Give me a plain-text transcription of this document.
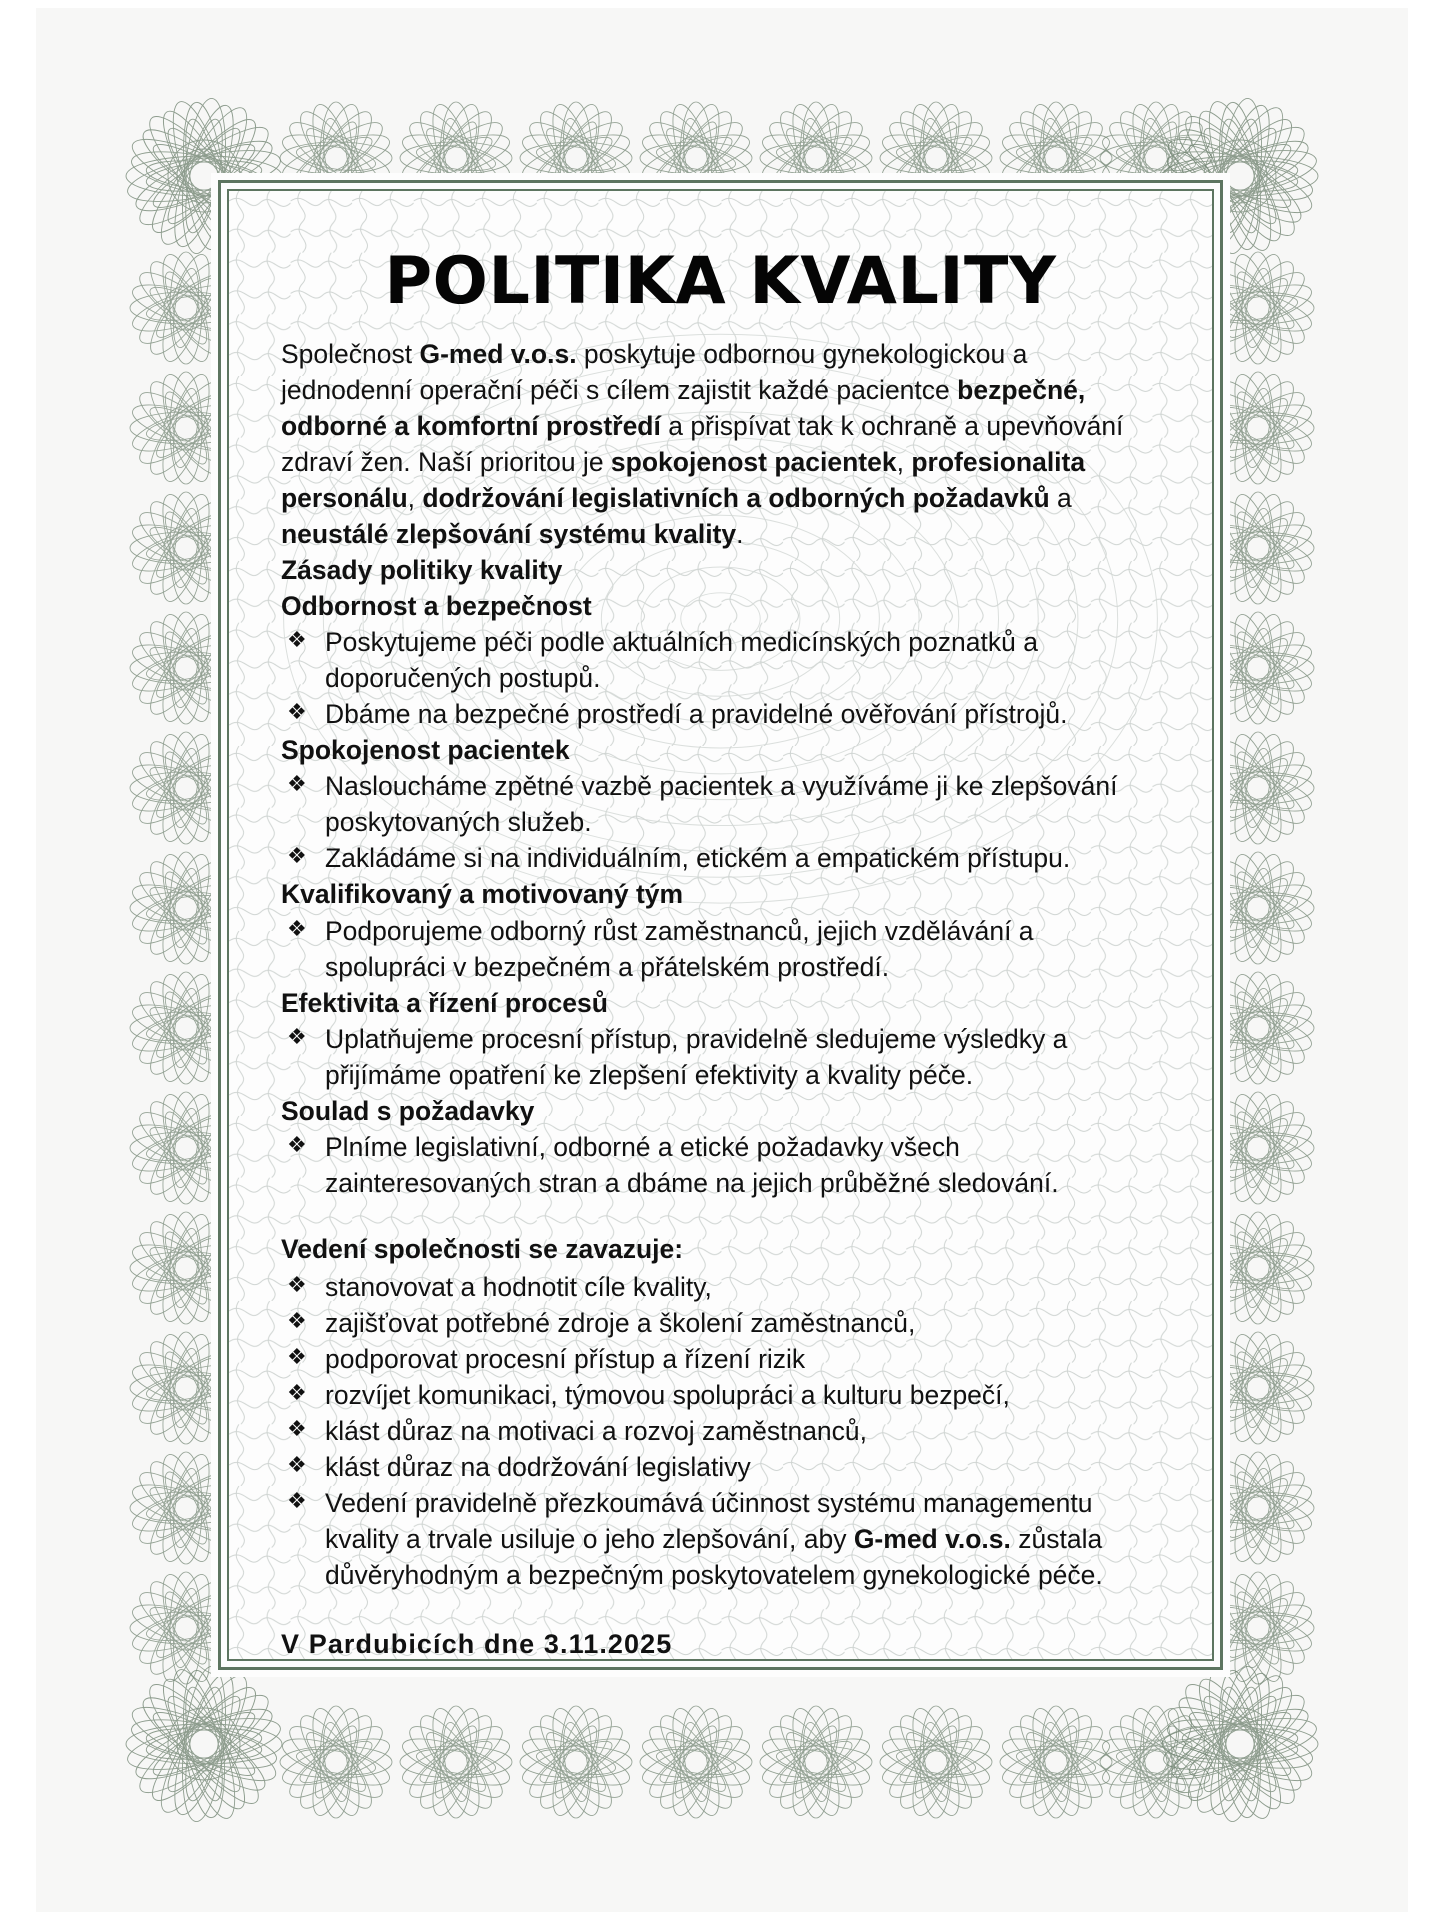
POLITIKA KVALITY

Společnost G-med v.o.s. poskytuje odbornou gynekologickou a jednodenní operační péči s cílem zajistit každé pacientce bezpečné, odborné a komfortní prostředí a přispívat tak k ochraně a upevňování zdraví žen. Naší prioritou je spokojenost pacientek, profesionalita personálu, dodržování legislativních a odborných požadavků a neustálé zlepšování systému kvality.

Zásady politiky kvality
Odbornost a bezpečnost
❖ Poskytujeme péči podle aktuálních medicínských poznatků a doporučených postupů.
❖ Dbáme na bezpečné prostředí a pravidelné ověřování přístrojů.
Spokojenost pacientek
❖ Nasloucháme zpětné vazbě pacientek a využíváme ji ke zlepšování poskytovaných služeb.
❖ Zakládáme si na individuálním, etickém a empatickém přístupu.
Kvalifikovaný a motivovaný tým
❖ Podporujeme odborný růst zaměstnanců, jejich vzdělávání a spolupráci v bezpečném a přátelském prostředí.
Efektivita a řízení procesů
❖ Uplatňujeme procesní přístup, pravidelně sledujeme výsledky a přijímáme opatření ke zlepšení efektivity a kvality péče.
Soulad s požadavky
❖ Plníme legislativní, odborné a etické požadavky všech zainteresovaných stran a dbáme na jejich průběžné sledování.
Vedení společnosti se zavazuje:
❖ stanovovat a hodnotit cíle kvality,
❖ zajišťovat potřebné zdroje a školení zaměstnanců,
❖ podporovat procesní přístup a řízení rizik
❖ rozvíjet komunikaci, týmovou spolupráci a kulturu bezpečí,
❖ klást důraz na motivaci a rozvoj zaměstnanců,
❖ klást důraz na dodržování legislativy
❖ Vedení pravidelně přezkoumává účinnost systému managementu kvality a trvale usiluje o jeho zlepšování, aby G-med v.o.s. zůstala důvěryhodným a bezpečným poskytovatelem gynekologické péče.
V Pardubicích dne 3.11.2025
